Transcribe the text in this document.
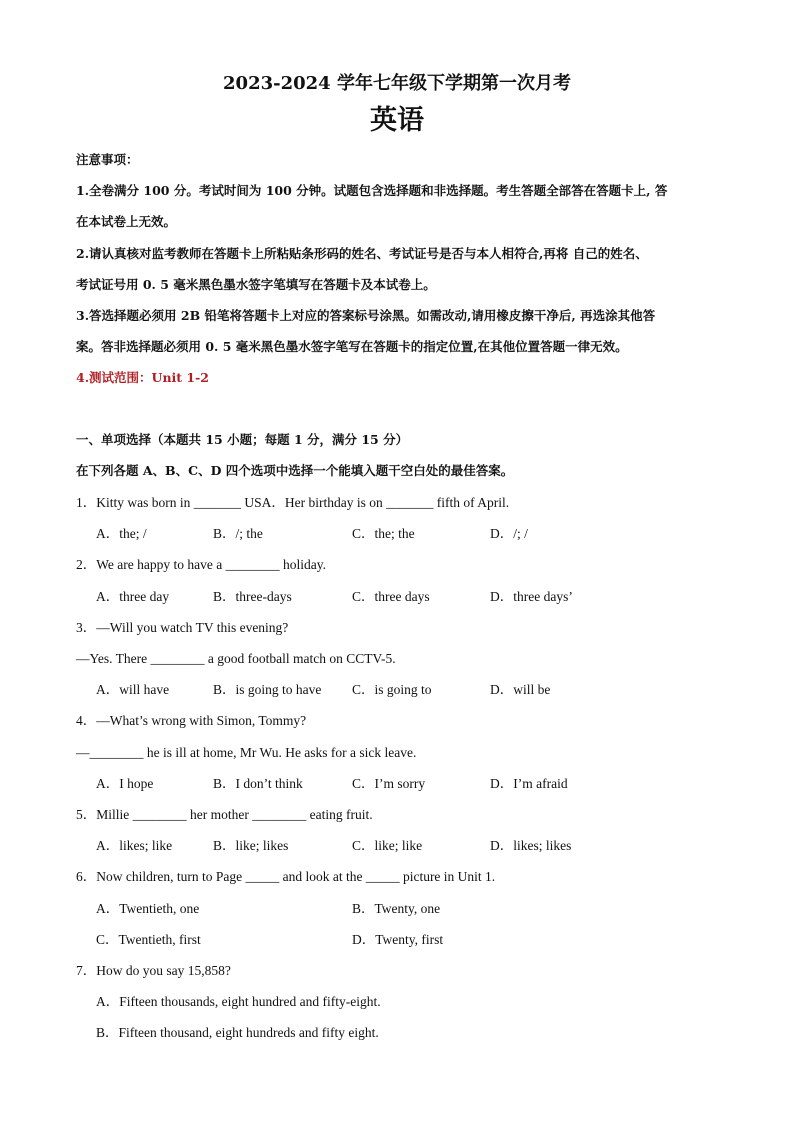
2023-2024 学年七年级下学期第一次月考
英语
注意事项：
1.全卷满分 100 分。考试时间为 100 分钟。试题包含选择题和非选择题。考生答题全部答在答题卡上, 答
在本试卷上无效。
2.请认真核对监考教师在答题卡上所粘贴条形码的姓名、考试证号是否与本人相符合,再将 自己的姓名、
考试证号用 0. 5 毫米黑色墨水签字笔填写在答题卡及本试卷上。
3.答选择题必须用 2B 铅笔将答题卡上对应的答案标号涂黑。如需改动,请用橡皮擦干净后, 再选涂其他答
案。答非选择题必须用 0. 5 毫米黑色墨水签字笔写在答题卡的指定位置,在其他位置答题一律无效。
4.测试范围：Unit 1-2
一、单项选择（本题共 15 小题；每题 1 分，满分 15 分）
在下列各题 A、B、C、D 四个选项中选择一个能填入题干空白处的最佳答案。
1．Kitty was born in _______ USA．Her birthday is on _______ fifth of April.
A．the; /	B．/; the	C．the; the	D．/; /
2．We are happy to have a ________ holiday.
A．three day	B．three-days	C．three days	D．three days’
3．—Will you watch TV this evening?
—Yes. There ________ a good football match on CCTV-5.
A．will have	B．is going to have C．is going to	D．will be
4．—What’s wrong with Simon, Tommy?
—________ he is ill at home, Mr Wu. He asks for a sick leave.
A．I hope	B．I don’t think	C．I’m sorry	D．I’m afraid
5．Millie ________ her mother ________ eating fruit.
A．likes; like	B．like; likes	C．like; like	D．likes; likes
6．Now children, turn to Page _____ and look at the _____ picture in Unit 1.
A．Twentieth, one	B．Twenty, one
C．Twentieth, first	D．Twenty, first
7．How do you say 15,858?
A．Fifteen thousands, eight hundred and fifty-eight.
B．Fifteen thousand, eight hundreds and fifty eight.
